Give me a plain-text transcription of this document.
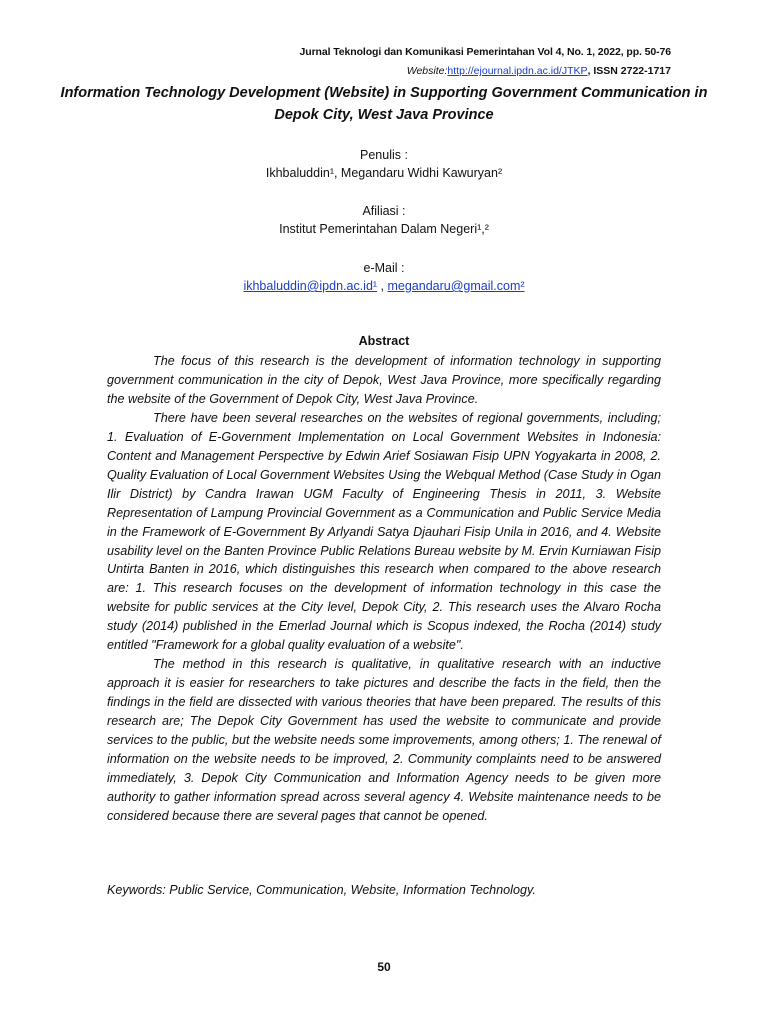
Jurnal Teknologi dan Komunikasi Pemerintahan Vol 4, No. 1, 2022, pp. 50-76
Website:http://ejournal.ipdn.ac.id/JTKP, ISSN 2722-1717
Information Technology Development (Website) in Supporting Government Communication in Depok City, West Java Province
Penulis :
Ikhbaluddin¹, Megandaru Widhi Kawuryan²
Afiliasi :
Institut Pemerintahan Dalam Negeri¹,²
e-Mail :
ikhbaluddin@ipdn.ac.id¹ , megandaru@gmail.com²
Abstract

The focus of this research is the development of information technology in supporting government communication in the city of Depok, West Java Province, more specifically regarding the website of the Government of Depok City, West Java Province.

There have been several researches on the websites of regional governments, including; 1. Evaluation of E-Government Implementation on Local Government Websites in Indonesia: Content and Management Perspective by Edwin Arief Sosiawan Fisip UPN Yogyakarta in 2008, 2. Quality Evaluation of Local Government Websites Using the Webqual Method (Case Study in Ogan Ilir District) by Candra Irawan UGM Faculty of Engineering Thesis in 2011, 3. Website Representation of Lampung Provincial Government as a Communication and Public Service Media in the Framework of E-Government By Arlyandi Satya Djauhari Fisip Unila in 2016, and 4. Website usability level on the Banten Province Public Relations Bureau website by M. Ervin Kurniawan Fisip Untirta Banten in 2016, which distinguishes this research when compared to the above research are: 1. This research focuses on the development of information technology in this case the website for public services at the City level, Depok City, 2. This research uses the Alvaro Rocha study (2014) published in the Emerlad Journal which is Scopus indexed, the Rocha (2014) study entitled "Framework for a global quality evaluation of a website".

The method in this research is qualitative, in qualitative research with an inductive approach it is easier for researchers to take pictures and describe the facts in the field, then the findings in the field are dissected with various theories that have been prepared. The results of this research are; The Depok City Government has used the website to communicate and provide services to the public, but the website needs some improvements, among others; 1. The renewal of information on the website needs to be improved, 2. Community complaints need to be answered immediately, 3. Depok City Communication and Information Agency needs to be given more authority to gather information spread across several agency 4. Website maintenance needs to be considered because there are several pages that cannot be opened.

Keywords: Public Service, Communication, Website, Information Technology.
50
